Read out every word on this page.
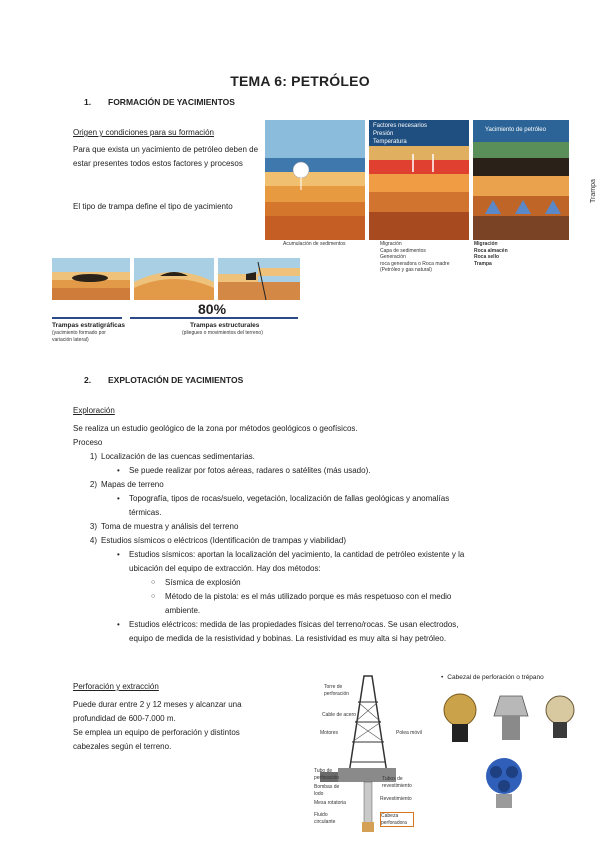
TEMA 6: PETRÓLEO
1. FORMACIÓN DE YACIMIENTOS
Origen y condiciones para su formación
Para que exista un yacimiento de petróleo deben de estar presentes todos estos factores y procesos
El tipo de trampa define el tipo de yacimiento
Trampa
Factores necesarios
Presión
Temperatura
Yacimiento de petróleo
Acumulación de sedimentos	Migración
Capa de sedimentos
Generación
roca generadora o Roca madre
(Petróleo y gas natural)
Migración
Roca almacén
Roca sello
Trampa
80%
Trampas estratigráficas
(yacimiento formado por variación lateral)
Trampas estructurales
(pliegues o movimientos del terreno)
2. EXPLOTACIÓN DE YACIMIENTOS
Exploración
Se realiza un estudio geológico de la zona por métodos geológicos o geofísicos.
Proceso
1) Localización de las cuencas sedimentarias.
• Se puede realizar por fotos aéreas, radares o satélites (más usado).
2) Mapas de terreno
• Topografía, tipos de rocas/suelo, vegetación, localización de fallas geológicas y anomalías
térmicas.
3) Toma de muestra y análisis del terreno
4) Estudios sísmicos o eléctricos (Identificación de trampas y viabilidad)
• Estudios sísmicos: aportan la localización del yacimiento, la cantidad de petróleo existente y la
ubicación del equipo de extracción. Hay dos métodos:
○ Sísmica de explosión
○ Método de la pistola: es el más utilizado porque es más respetuoso con el medio
ambiente.
• Estudios eléctricos: medida de las propiedades físicas del terreno/rocas. Se usan electrodos,
equipo de medida de la resistividad y bobinas. La resistividad es muy alta si hay petróleo.
Perforación y extracción
Puede durar entre 2 y 12 meses y alcanzar una profundidad de 600-7.000 m.
Se emplea un equipo de perforación y distintos cabezales según el terreno.
Torre de perforación
Cable de acero
Motores	Polea móvil
Tubo de perforación
Bombas de lodo
Mesa rotatoria
Tubos de revestimiento
Revestimiento
Fluido circulante
Cabeza perforadora
• Cabezal de perforación o trépano
